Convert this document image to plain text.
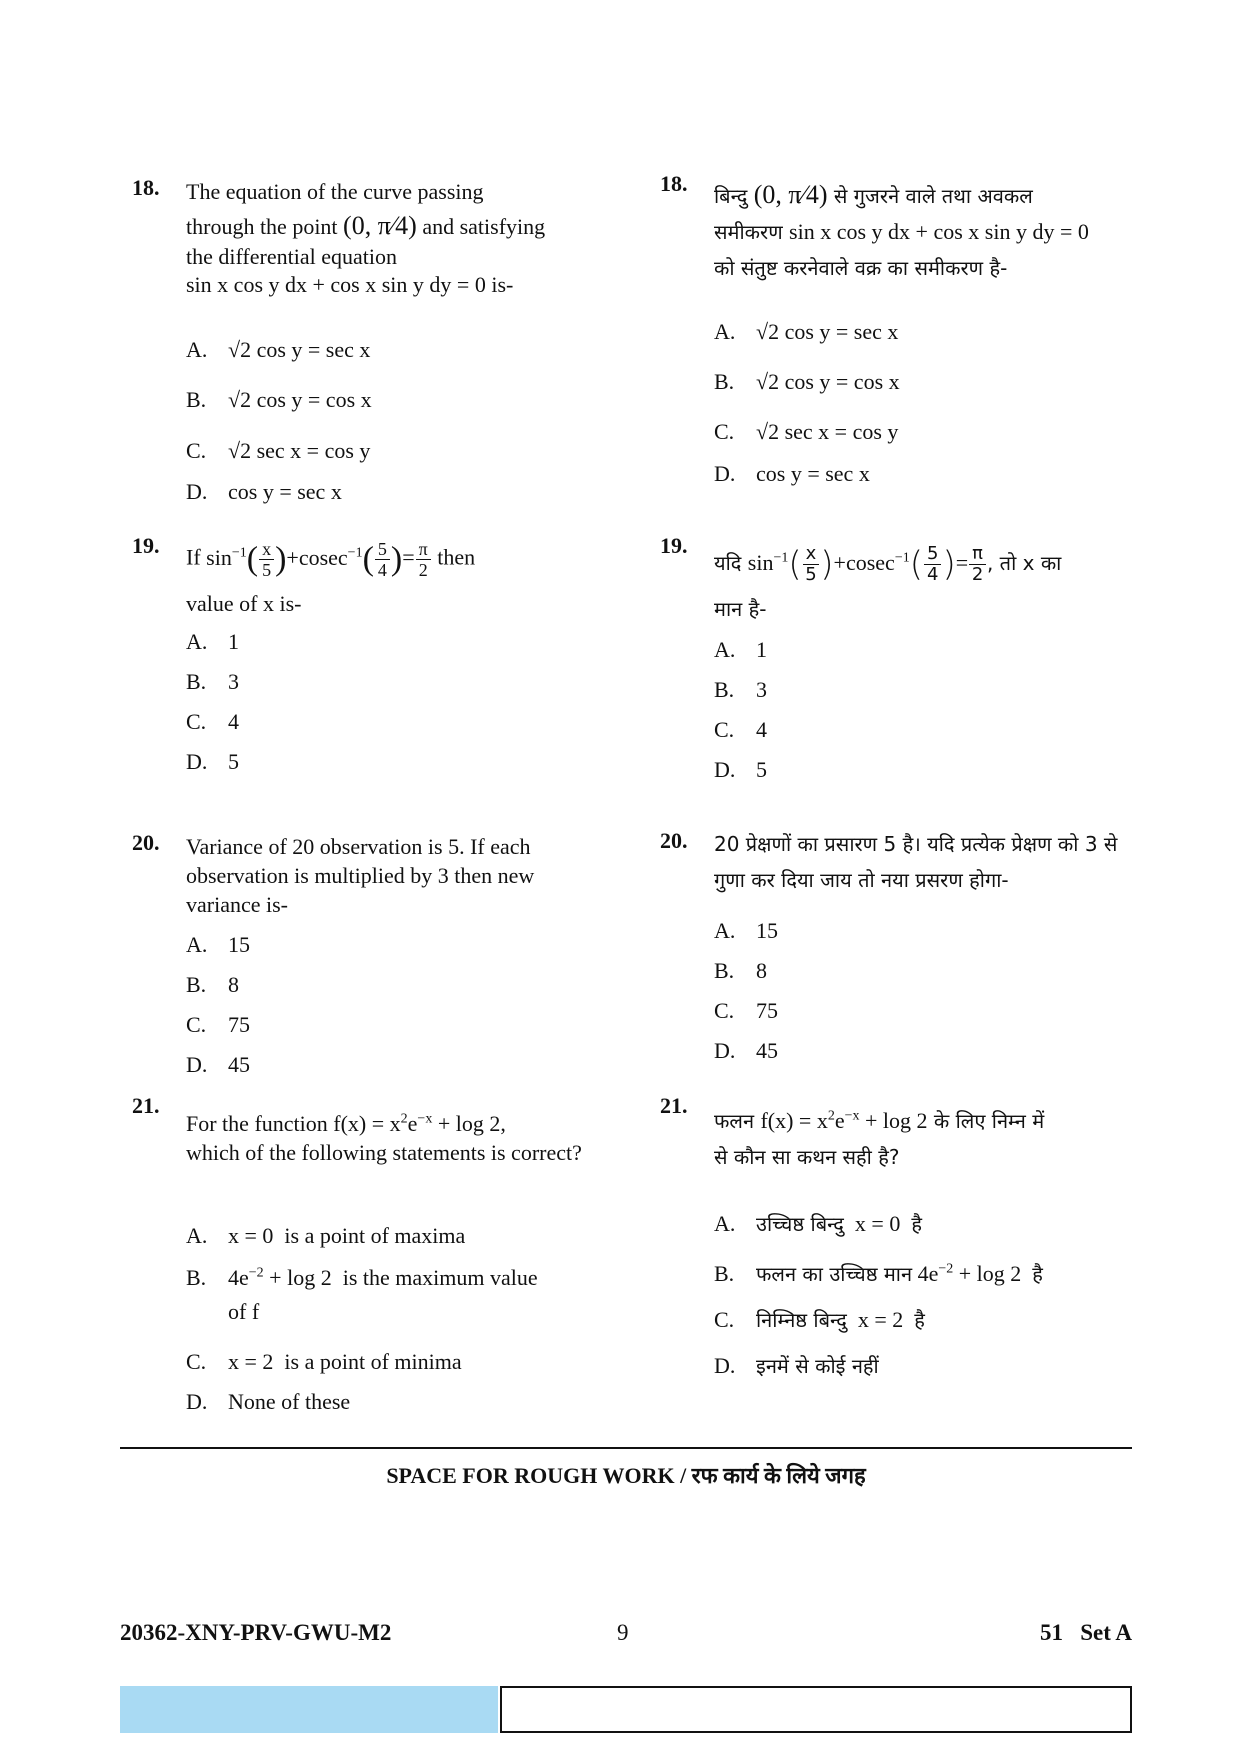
18. The equation of the curve passing
through the point (0, π⁄4) and satisfying
the differential equation
sin x cos y dx + cos x sin y dy = 0 is-
A. √2 cos y = sec x
B. √2 cos y = cos x
C. √2 sec x = cos y
D. cos y = sec x
19. If $\sin^{-1}( \frac{x}{5} )+cosec^{-1}( \frac{5}{4}$ )= $\frac{\pi}{2}$ then
value of x is-
A. 1
B. 3
C. 4
D. 5
20. Variance of 20 observation is 5. If each observation is multiplied by 3 then new variance is-
A. 15
B. 8
C. 75
D. 45
21.
For the function $f(x) = x^2e^{-x} + \log 2$,
which of the following statements is correct?
A. x = 0 is a point of maxima
B. $4e^{-2} + \log 2$ is the maximum value
of f
C. x = 2 is a point of minima
D. None of these
18. बिन्दु (0, π⁄4) से गुजरने वाले तथा अवकल
समीकरण sin x cos y dx + cos x sin y dy = 0
को संतुष्ट करनेवाले वक्र का समीकरण है-
A. √2 cos y = sec x
B. √2 cos y = cos x
C. √2 sec x = cos y
D. cos y = sec x
19.
यदि $\sin^{-1}( \frac{x}{5} )+cosec^{-1}( \frac{5}{4}$ )= $\frac{\pi}{2}$ , तो x का
मान है-
A. 1
B. 3
C. 4
D. 5
20. 20 प्रेक्षणों का प्रसारण 5 है। यदि प्रत्येक प्रेक्षण को 3 से गुणा कर दिया जाय तो नया प्रसरण होगा-
A. 15
B. 8
C. 75
D. 45
21.
फलन $f(x) = x^2e^{-x} + \log 2$ के लिए निम्न में
से कौन सा कथन सही है?
A. उच्चिष्ठ बिन्दु x = 0 है
B. फलन का उच्चिष्ठ मान $4e^{-2} + \log 2$ है
C. निम्निष्ठ बिन्दु x = 2 है
D. इनमें से कोई नहीं
SPACE FOR ROUGH WORK / रफ कार्य के लिये जगह
20362-XNY-PRV-GWU-M2	9	51   Set A
